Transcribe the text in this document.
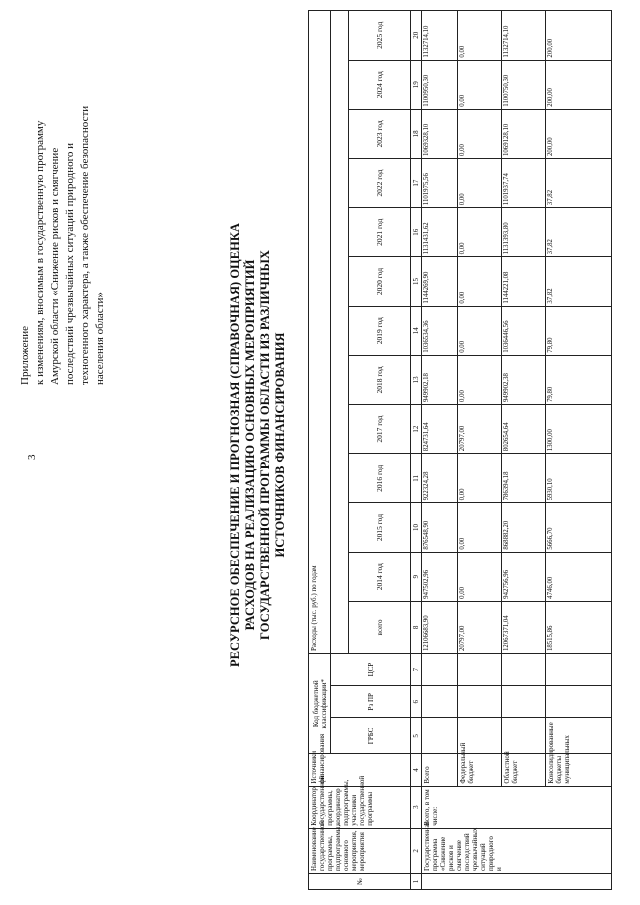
3
Приложение к изменениям, вносимым в государственную программу Амурской области «Снижение рисков и смягчение последствий чрезвычайных ситуаций природного и техногенного характера, а также обеспечение безопасности населения области»	РЕСУРСНОЕ ОБЕСПЕЧЕНИЕ И ПРОГНОЗНАЯ (СПРАВОЧНАЯ) ОЦЕНКА РАСХОДОВ НА РЕАЛИЗАЦИЮ ОСНОВНЫХ МЕРОПРИЯТИЙ ГОСУДАРСТВЕННОЙ ПРОГРАММЫ ОБЛАСТИ ИЗ РАЗЛИЧНЫХ ИСТОЧНИКОВ ФИНАНСИРОВАНИЯ
№	Наименование государственной программы, подпрограммы, основного мероприятия, мероприятия	Координатор государственной программы, координатор подпрограммы, участники государственной программы	Источники финансирования	Код бюджетной классификации*			Расходы (тыс. руб.) по годам												
				ГРБС	Рз ПР	ЦСР													
							всего	2014 год	2015 год	2016 год	2017 год	2018 год	2019 год	2020 год	2021 год	2022 год	2023 год	2024 год	2025 год
1	2	3	4	5	6	7	8	9	10	11	12	13	14	15	16	17	18	19	20
	Государственная программа «Снижение рисков и смягчение последствий чрезвычайных ситуаций природного и	Всего, в том числе:	Всего				12106683,90	947502,96	876548,90	922324,28	824731,64	949902,18	1036534,36	1144269,90	1131431,62	1101975,56	1069328,10	1100950,30	1132714,10
			Федеральный бюджет				20797,00	0,00	0,00	0,00	20797,00	0,00	0,00	0,00	0,00	0,00	0,00	0,00	0,00
			Областной бюджет				12067371,04	942756,96	868882,20	786394,18	802654,64	949902,38	1036446,56	1144221,08	1131393,80	1101937,74	1069128,10	1100750,30	1132714,10
			Консолидированные бюджеты муниципальных				18515,86	4746,00	5666,70	5930,10	1300,00	79,80	79,80	37,82	37,82	37,82	200,00	200,00	200,00
